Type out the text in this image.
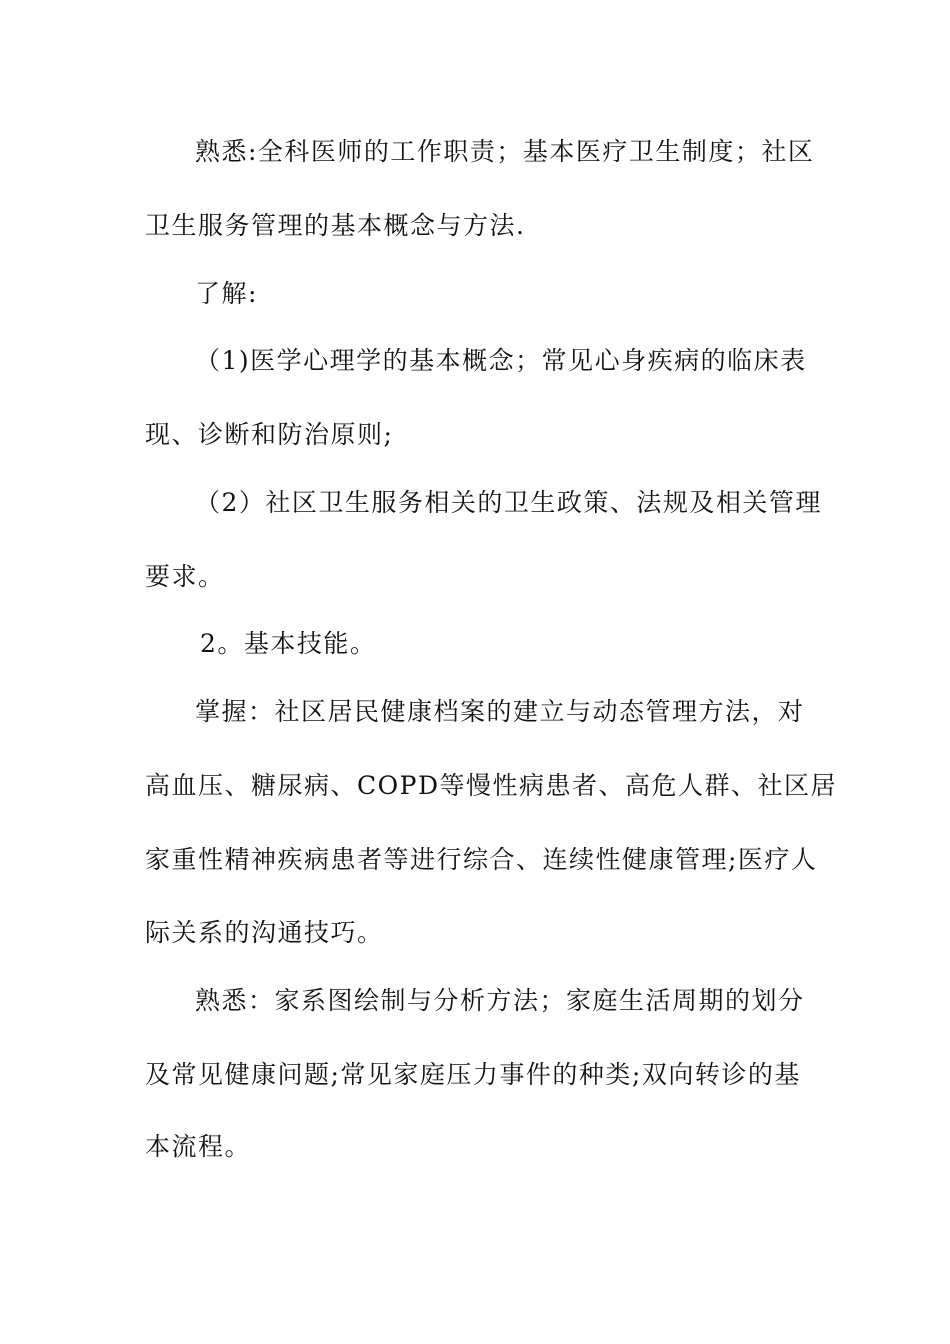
熟悉:全科医师的工作职责；基本医疗卫生制度；社区
卫生服务管理的基本概念与方法.
了解:
（1)医学心理学的基本概念；常见心身疾病的临床表
现、诊断和防治原则;
（2）社区卫生服务相关的卫生政策、法规及相关管理
要求。
2。基本技能。
掌握：社区居民健康档案的建立与动态管理方法，对
高血压、糖尿病、COPD等慢性病患者、高危人群、社区居
家重性精神疾病患者等进行综合、连续性健康管理;医疗人
际关系的沟通技巧。
熟悉：家系图绘制与分析方法；家庭生活周期的划分
及常见健康问题;常见家庭压力事件的种类;双向转诊的基
本流程。
